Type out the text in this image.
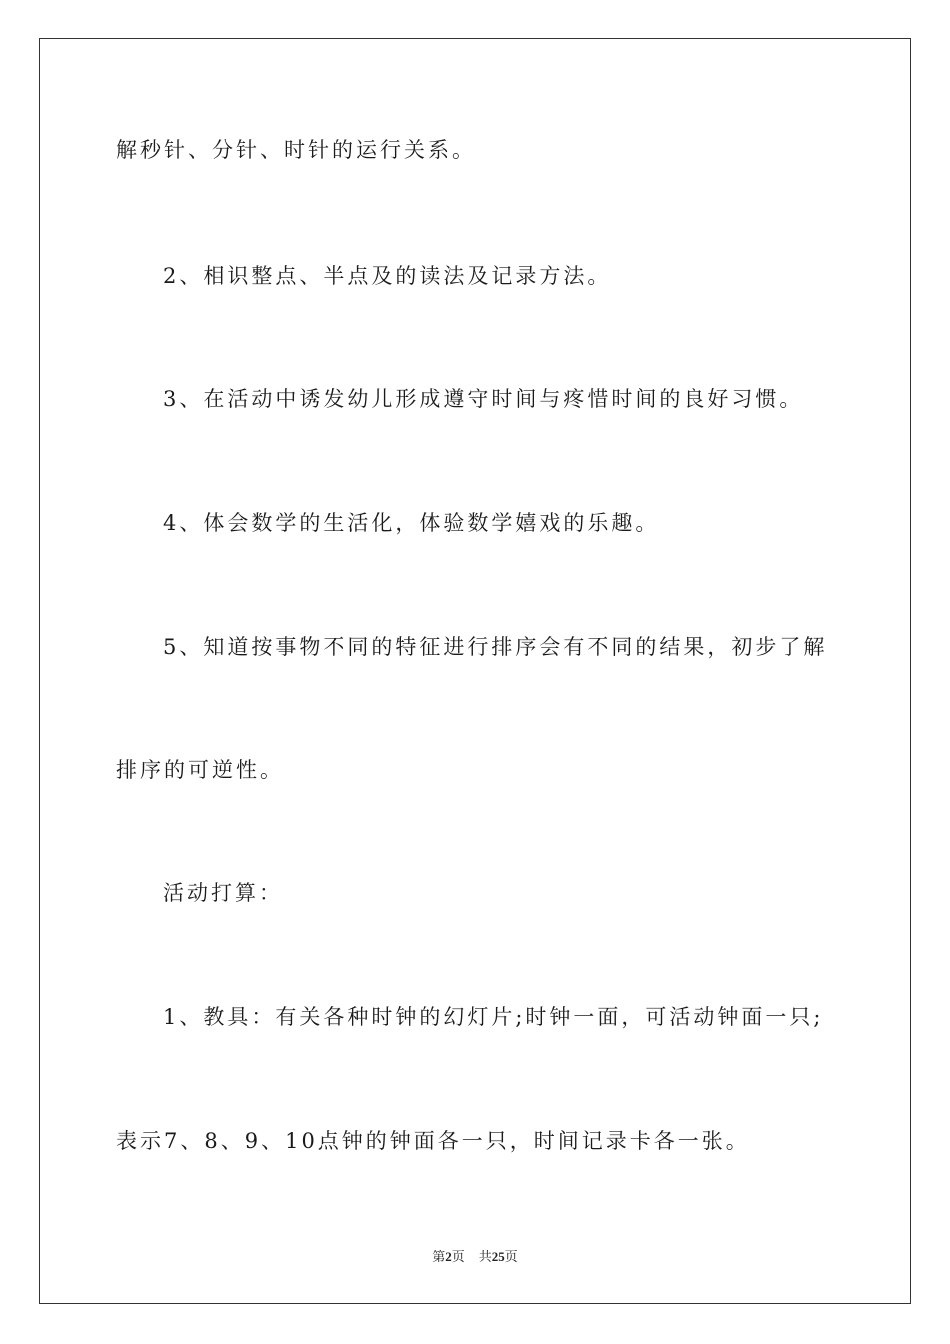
解秒针、分针、时针的运行关系。
2、相识整点、半点及的读法及记录方法。
3、在活动中诱发幼儿形成遵守时间与疼惜时间的良好习惯。
4、体会数学的生活化，体验数学嬉戏的乐趣。
5、知道按事物不同的特征进行排序会有不同的结果，初步了解
排序的可逆性。
活动打算：
1、教具：有关各种时钟的幻灯片;时钟一面，可活动钟面一只;
表示7、8、9、10点钟的钟面各一只，时间记录卡各一张。
第2页 共25页
